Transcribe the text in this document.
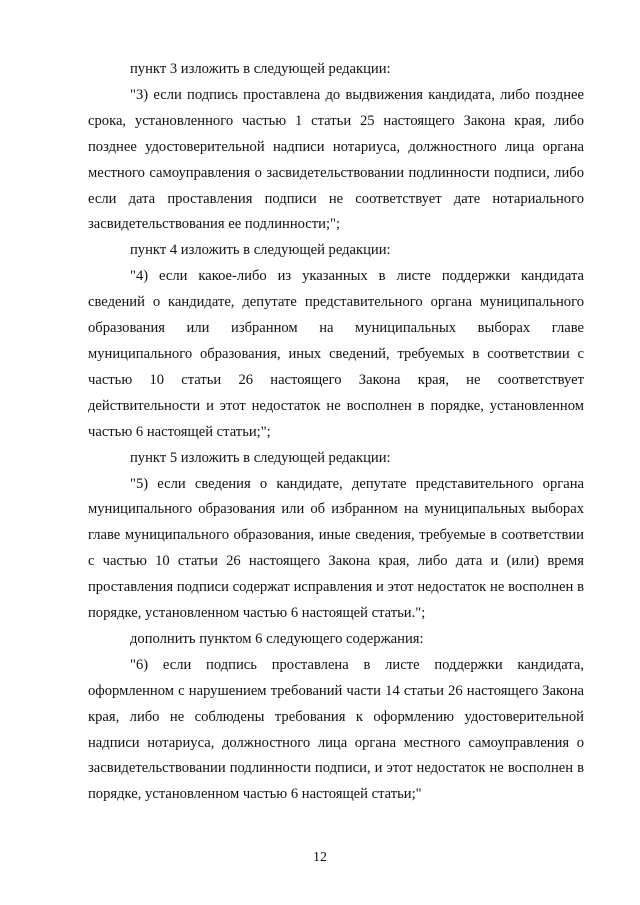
пункт 3 изложить в следующей редакции:

"3) если подпись проставлена до выдвижения кандидата, либо позднее срока, установленного частью 1 статьи 25 настоящего Закона края, либо позднее удостоверительной надписи нотариуса, должностного лица органа местного самоуправления о засвидетельствовании подлинности подписи, либо если дата проставления подписи не соответствует дате нотариального засвидетельствования ее подлинности;";

пункт 4 изложить в следующей редакции:

"4) если какое-либо из указанных в листе поддержки кандидата сведений о кандидате, депутате представительного органа муниципального образования или избранном на муниципальных выборах главе муниципального образования, иных сведений, требуемых в соответствии с частью 10 статьи 26 настоящего Закона края, не соответствует действительности и этот недостаток не восполнен в порядке, установленном частью 6 настоящей статьи;";

пункт 5 изложить в следующей редакции:

"5) если сведения о кандидате, депутате представительного органа муниципального образования или об избранном на муниципальных выборах главе муниципального образования, иные сведения, требуемые в соответствии с частью 10 статьи 26 настоящего Закона края, либо дата и (или) время проставления подписи содержат исправления и этот недостаток не восполнен в порядке, установленном частью 6 настоящей статьи.";

дополнить пунктом 6 следующего содержания:

"6) если подпись проставлена в листе поддержки кандидата, оформленном с нарушением требований части 14 статьи 26 настоящего Закона края, либо не соблюдены требования к оформлению удостоверительной надписи нотариуса, должностного лица органа местного самоуправления о засвидетельствовании подлинности подписи, и этот недостаток не восполнен в порядке, установленном частью 6 настоящей статьи;"

12
